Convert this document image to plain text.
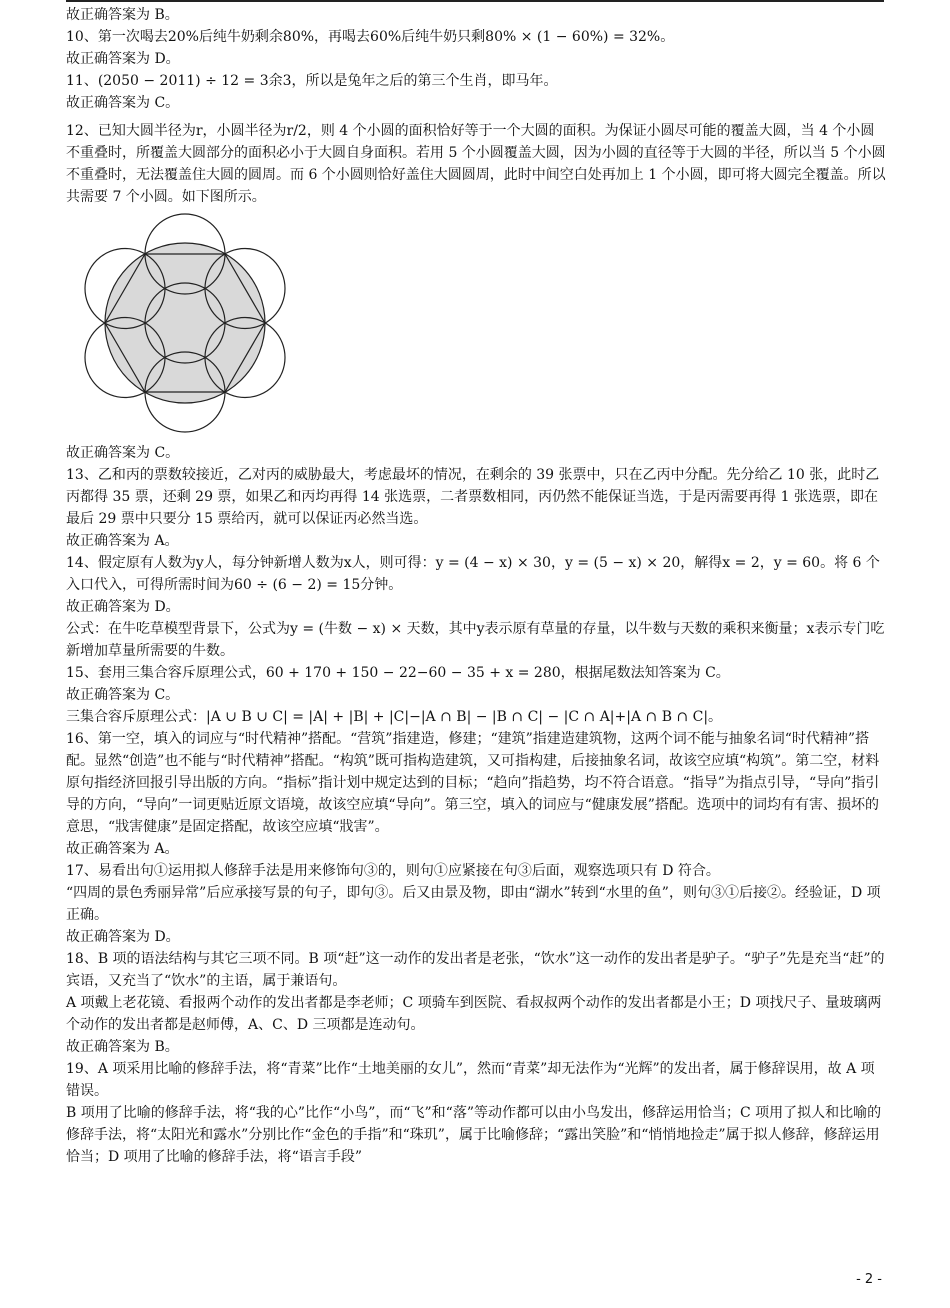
故正确答案为 B。

10、第一次喝去20%后纯牛奶剩余80%，再喝去60%后纯牛奶只剩80% × (1 − 60%) = 32%。

故正确答案为 D。

11、(2050 − 2011) ÷ 12 = 3余3，所以是兔年之后的第三个生肖，即马年。

故正确答案为 C。

12、已知大圆半径为r，小圆半径为r/2，则 4 个小圆的面积恰好等于一个大圆的面积。为保证小圆尽可能的覆盖大圆，当 4 个小圆不重叠时，所覆盖大圆部分的面积必小于大圆自身面积。若用 5 个小圆覆盖大圆，因为小圆的直径等于大圆的半径，所以当 5 个小圆不重叠时，无法覆盖住大圆的圆周。而 6 个小圆则恰好盖住大圆圆周，此时中间空白处再加上 1 个小圆，即可将大圆完全覆盖。所以共需要 7 个小圆。如下图所示。

故正确答案为 C。

13、乙和丙的票数较接近，乙对丙的威胁最大，考虑最坏的情况，在剩余的 39 张票中，只在乙丙中分配。先分给乙 10 张，此时乙丙都得 35 票，还剩 29 票，如果乙和丙均再得 14 张选票，二者票数相同，丙仍然不能保证当选，于是丙需要再得 1 张选票，即在最后 29 票中只要分 15 票给丙，就可以保证丙必然当选。

故正确答案为 A。

14、假定原有人数为y人，每分钟新增人数为x人，则可得：y = (4 − x) × 30，y = (5 − x) × 20，解得x = 2，y = 60。将 6 个入口代入，可得所需时间为60 ÷ (6 − 2) = 15分钟。

故正确答案为 D。

公式：在牛吃草模型背景下，公式为y = (牛数 − x) × 天数，其中y表示原有草量的存量，以牛数与天数的乘积来衡量；x表示专门吃新增加草量所需要的牛数。

15、套用三集合容斥原理公式，60 + 170 + 150 − 22−60 − 35 + x = 280，根据尾数法知答案为 C。

故正确答案为 C。

三集合容斥原理公式：|A ∪ B ∪ C| = |A| + |B| + |C|−|A ∩ B| − |B ∩ C| − |C ∩ A|+|A ∩ B ∩ C|。

16、第一空，填入的词应与“时代精神”搭配。“营筑”指建造，修建；“建筑”指建造建筑物，这两个词不能与抽象名词“时代精神”搭配。显然“创造”也不能与“时代精神”搭配。“构筑”既可指构造建筑，又可指构建，后接抽象名词，故该空应填“构筑”。第二空，材料原句指经济回报引导出版的方向。“指标”指计划中规定达到的目标；“趋向”指趋势，均不符合语意。“指导”为指点引导，“导向”指引导的方向，“导向”一词更贴近原文语境，故该空应填“导向”。第三空，填入的词应与“健康发展”搭配。选项中的词均有有害、损坏的意思，“戕害健康”是固定搭配，故该空应填“戕害”。

故正确答案为 A。

17、易看出句①运用拟人修辞手法是用来修饰句③的，则句①应紧接在句③后面，观察选项只有 D 符合。

“四周的景色秀丽异常”后应承接写景的句子，即句③。后又由景及物，即由“湖水”转到“水里的鱼”，则句③①后接②。经验证，D 项正确。

故正确答案为 D。

18、B 项的语法结构与其它三项不同。B 项“赶”这一动作的发出者是老张，“饮水”这一动作的发出者是驴子。“驴子”先是充当“赶”的宾语，又充当了“饮水”的主语，属于兼语句。

A 项戴上老花镜、看报两个动作的发出者都是李老师；C 项骑车到医院、看叔叔两个动作的发出者都是小王；D 项找尺子、量玻璃两个动作的发出者都是赵师傅，A、C、D 三项都是连动句。

故正确答案为 B。

19、A 项采用比喻的修辞手法，将“青菜”比作“土地美丽的女儿”，然而“青菜”却无法作为“光辉”的发出者，属于修辞误用，故 A 项错误。

B 项用了比喻的修辞手法，将“我的心”比作“小鸟”，而“飞”和“落”等动作都可以由小鸟发出，修辞运用恰当；C 项用了拟人和比喻的修辞手法，将“太阳光和露水”分别比作“金色的手指”和“珠玑”，属于比喻修辞；“露出笑脸”和“悄悄地捡走”属于拟人修辞，修辞运用恰当；D 项用了比喻的修辞手法，将“语言手段”

- 2 -
